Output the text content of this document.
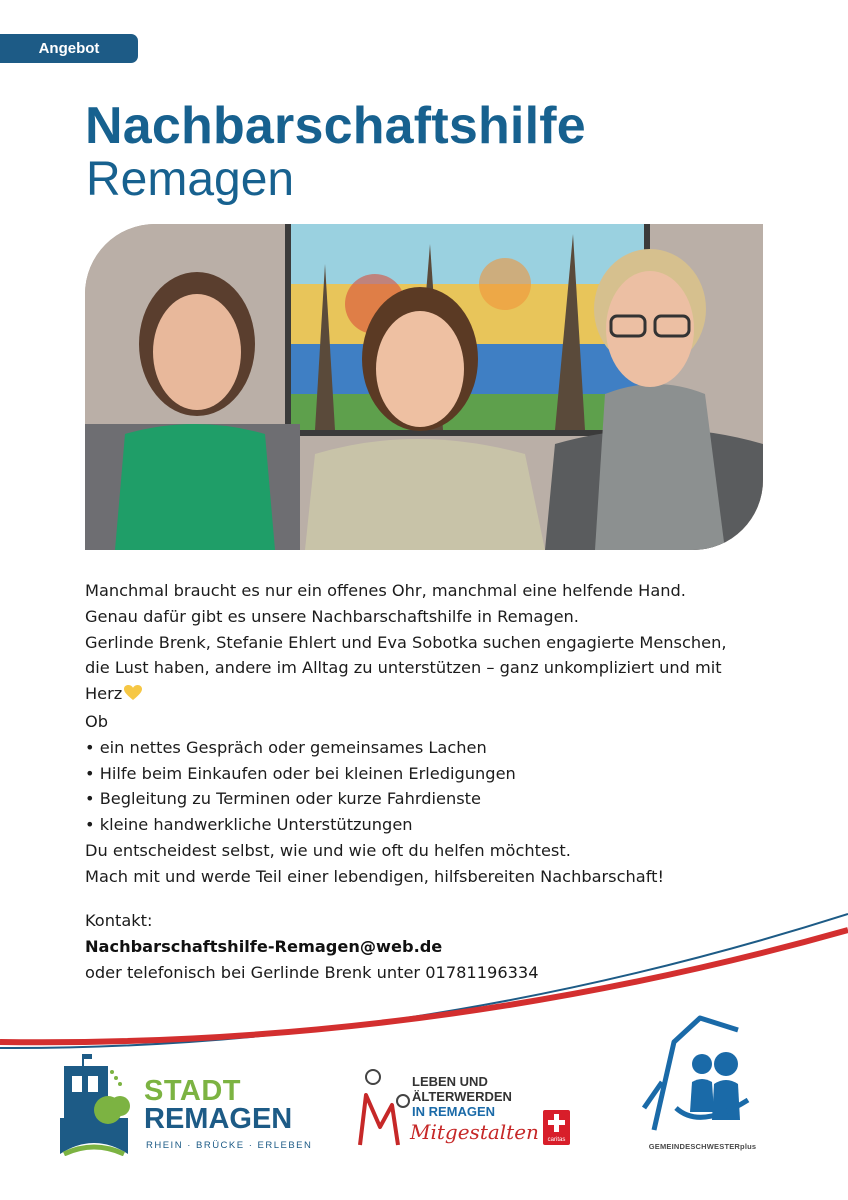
Angebot
Nachbarschaftshilfe
Remagen

Manchmal braucht es nur ein offenes Ohr, manchmal eine helfende Hand.

Genau dafür gibt es unsere Nachbarschaftshilfe in Remagen.

Gerlinde Brenk, Stefanie Ehlert und Eva Sobotka suchen engagierte Menschen,

die Lust haben, andere im Alltag zu unterstützen – ganz unkompliziert und mit

Herz

Ob

• ein nettes Gespräch oder gemeinsames Lachen

• Hilfe beim Einkaufen oder bei kleinen Erledigungen

• Begleitung zu Terminen oder kurze Fahrdienste

• kleine handwerkliche Unterstützungen

Du entscheidest selbst, wie und wie oft du helfen möchtest.

Mach mit und werde Teil einer lebendigen, hilfsbereiten Nachbarschaft!

Kontakt:

Nachbarschaftshilfe-Remagen@web.de

oder telefonisch bei Gerlinde Brenk unter 01781196334

STADT

REMAGEN

RHEIN · BRÜCKE · ERLEBEN

LEBEN UND

ÄLTERWERDEN

IN REMAGEN

Mitgestalten	caritas

GEMEINDESCHWESTERplus
